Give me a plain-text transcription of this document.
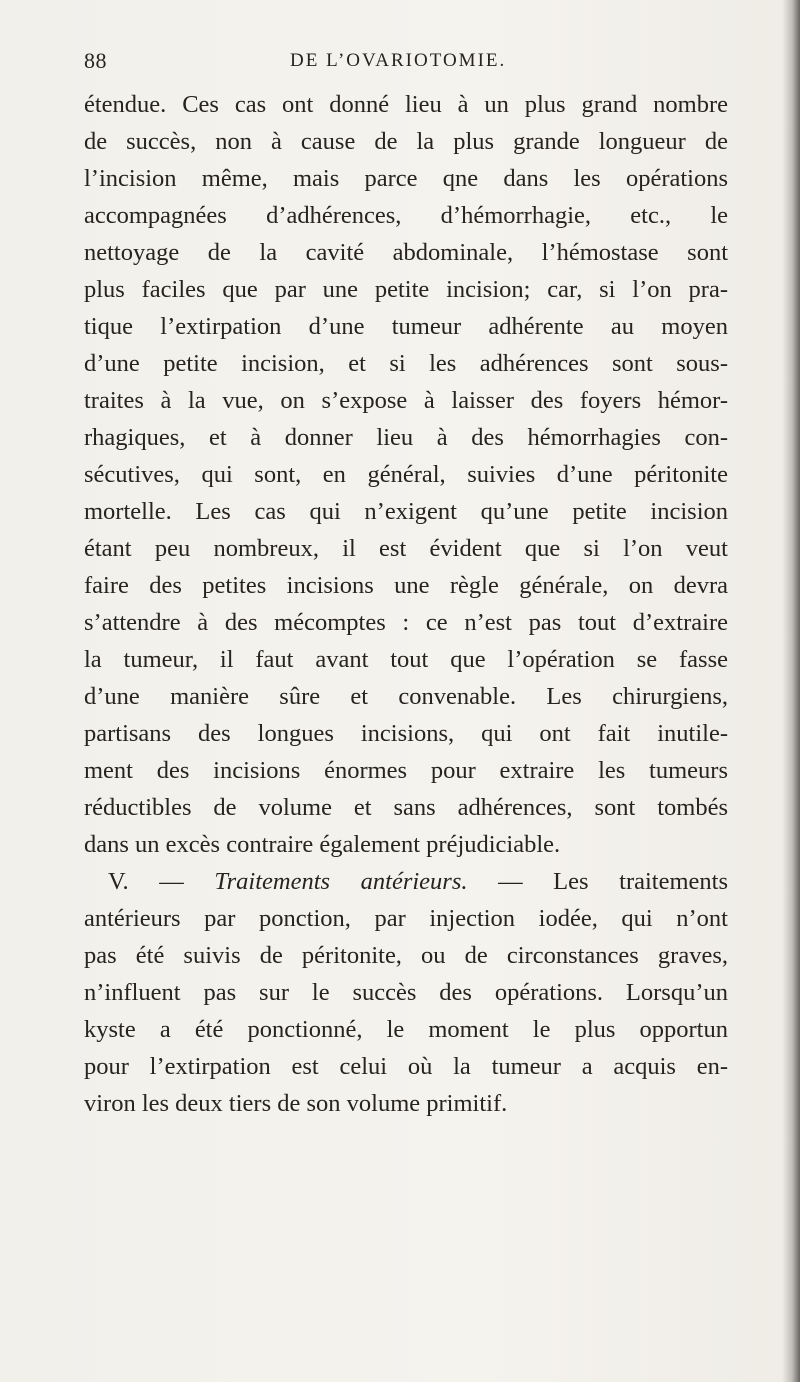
88	DE L’OVARIOTOMIE.
étendue. Ces cas ont donné lieu à un plus grand nombre
de succès, non à cause de la plus grande longueur de
l’incision même, mais parce qne dans les opérations
accompagnées d’adhérences, d’hémorrhagie, etc., le
nettoyage de la cavité abdominale, l’hémostase sont
plus faciles que par une petite incision; car, si l’on pra-
tique l’extirpation d’une tumeur adhérente au moyen
d’une petite incision, et si les adhérences sont sous-
traites à la vue, on s’expose à laisser des foyers hémor-
rhagiques, et à donner lieu à des hémorrhagies con-
sécutives, qui sont, en général, suivies d’une péritonite
mortelle. Les cas qui n’exigent qu’une petite incision
étant peu nombreux, il est évident que si l’on veut
faire des petites incisions une règle générale, on devra
s’attendre à des mécomptes : ce n’est pas tout d’extraire
la tumeur, il faut avant tout que l’opération se fasse
d’une manière sûre et convenable. Les chirurgiens,
partisans des longues incisions, qui ont fait inutile-
ment des incisions énormes pour extraire les tumeurs
réductibles de volume et sans adhérences, sont tombés
dans un excès contraire également préjudiciable.
V. — Traitements antérieurs. — Les traitements
antérieurs par ponction, par injection iodée, qui n’ont
pas été suivis de péritonite, ou de circonstances graves,
n’influent pas sur le succès des opérations. Lorsqu’un
kyste a été ponctionné, le moment le plus opportun
pour l’extirpation est celui où la tumeur a acquis en-
viron les deux tiers de son volume primitif.
